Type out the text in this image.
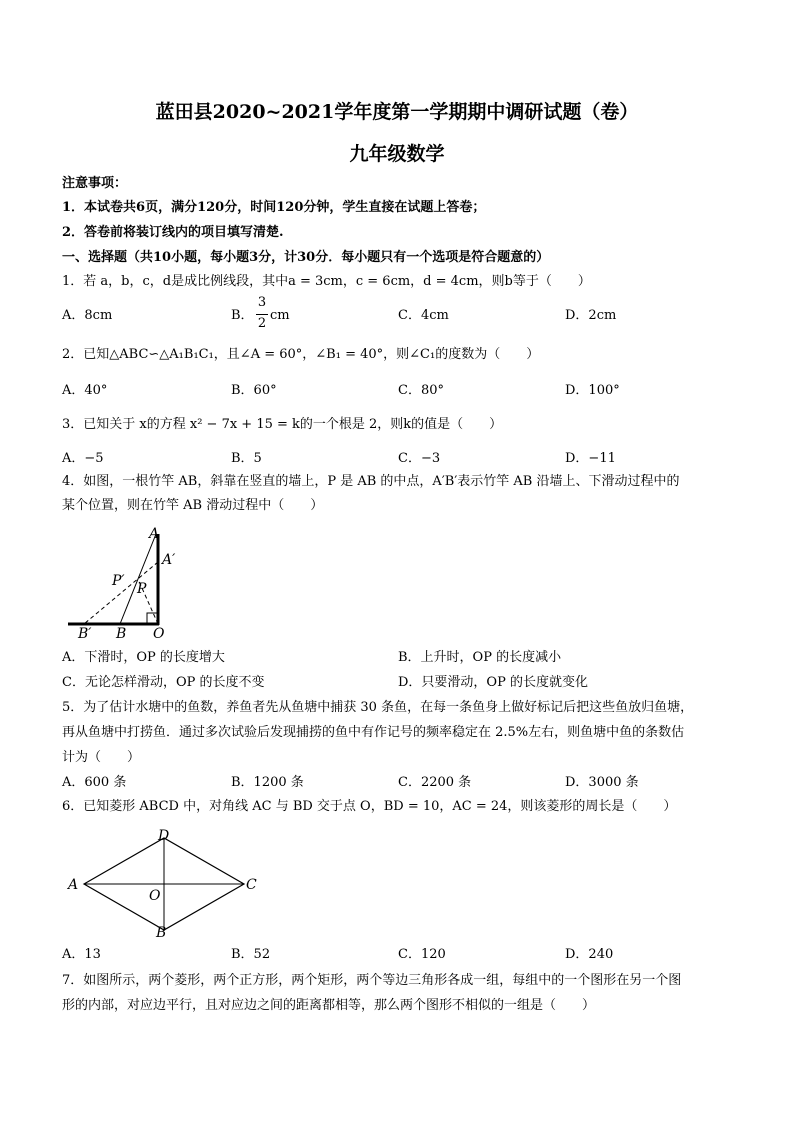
蓝田县2020~2021学年度第一学期期中调研试题（卷）
九年级数学
注意事项：
1．本试卷共6页，满分120分，时间120分钟，学生直接在试题上答卷；
2．答卷前将装订线内的项目填写清楚.
一、选择题（共10小题，每小题3分，计30分．每小题只有一个选项是符合题意的）
1．若 a，b，c，d是成比例线段，其中a = 3cm，c = 6cm，d = 4cm，则b等于（　　）
A．8cm	B．
3
2
cm	C．4cm	D．2cm
2．已知△ABC∽△A₁B₁C₁，且∠A = 60°，∠B₁ = 40°，则∠C₁的度数为（　　）
A．40°	B．60°	C．80°	D．100°
3．已知关于 x的方程 x² − 7x + 15 = k的一个根是 2，则k的值是（　　）
A．−5	B．5	C．−3	D．−11
4．如图，一根竹竿 AB，斜靠在竖直的墙上，P 是 AB 的中点，A′B′表示竹竿 AB 沿墙上、下滑动过程中的
某个位置，则在竹竿 AB 滑动过程中（　　）
A
A′
P′ P
B′ B O
A．下滑时，OP 的长度增大	B．上升时，OP 的长度减小
C．无论怎样滑动，OP 的长度不变	D．只要滑动，OP 的长度就变化
5．为了估计水塘中的鱼数，养鱼者先从鱼塘中捕获 30 条鱼，在每一条鱼身上做好标记后把这些鱼放归鱼塘，
再从鱼塘中打捞鱼．通过多次试验后发现捕捞的鱼中有作记号的频率稳定在 2.5%左右，则鱼塘中鱼的条数估
计为（　　）
A．600 条	B．1200 条	C．2200 条	D．3000 条
6．已知菱形 ABCD 中，对角线 AC 与 BD 交于点 O，BD = 10，AC = 24，则该菱形的周长是（　　）
A
D
C
O
B
A．13	B．52	C．120	D．240
7．如图所示，两个菱形，两个正方形，两个矩形，两个等边三角形各成一组，每组中的一个图形在另一个图
形的内部，对应边平行，且对应边之间的距离都相等，那么两个图形不相似的一组是（　　）
